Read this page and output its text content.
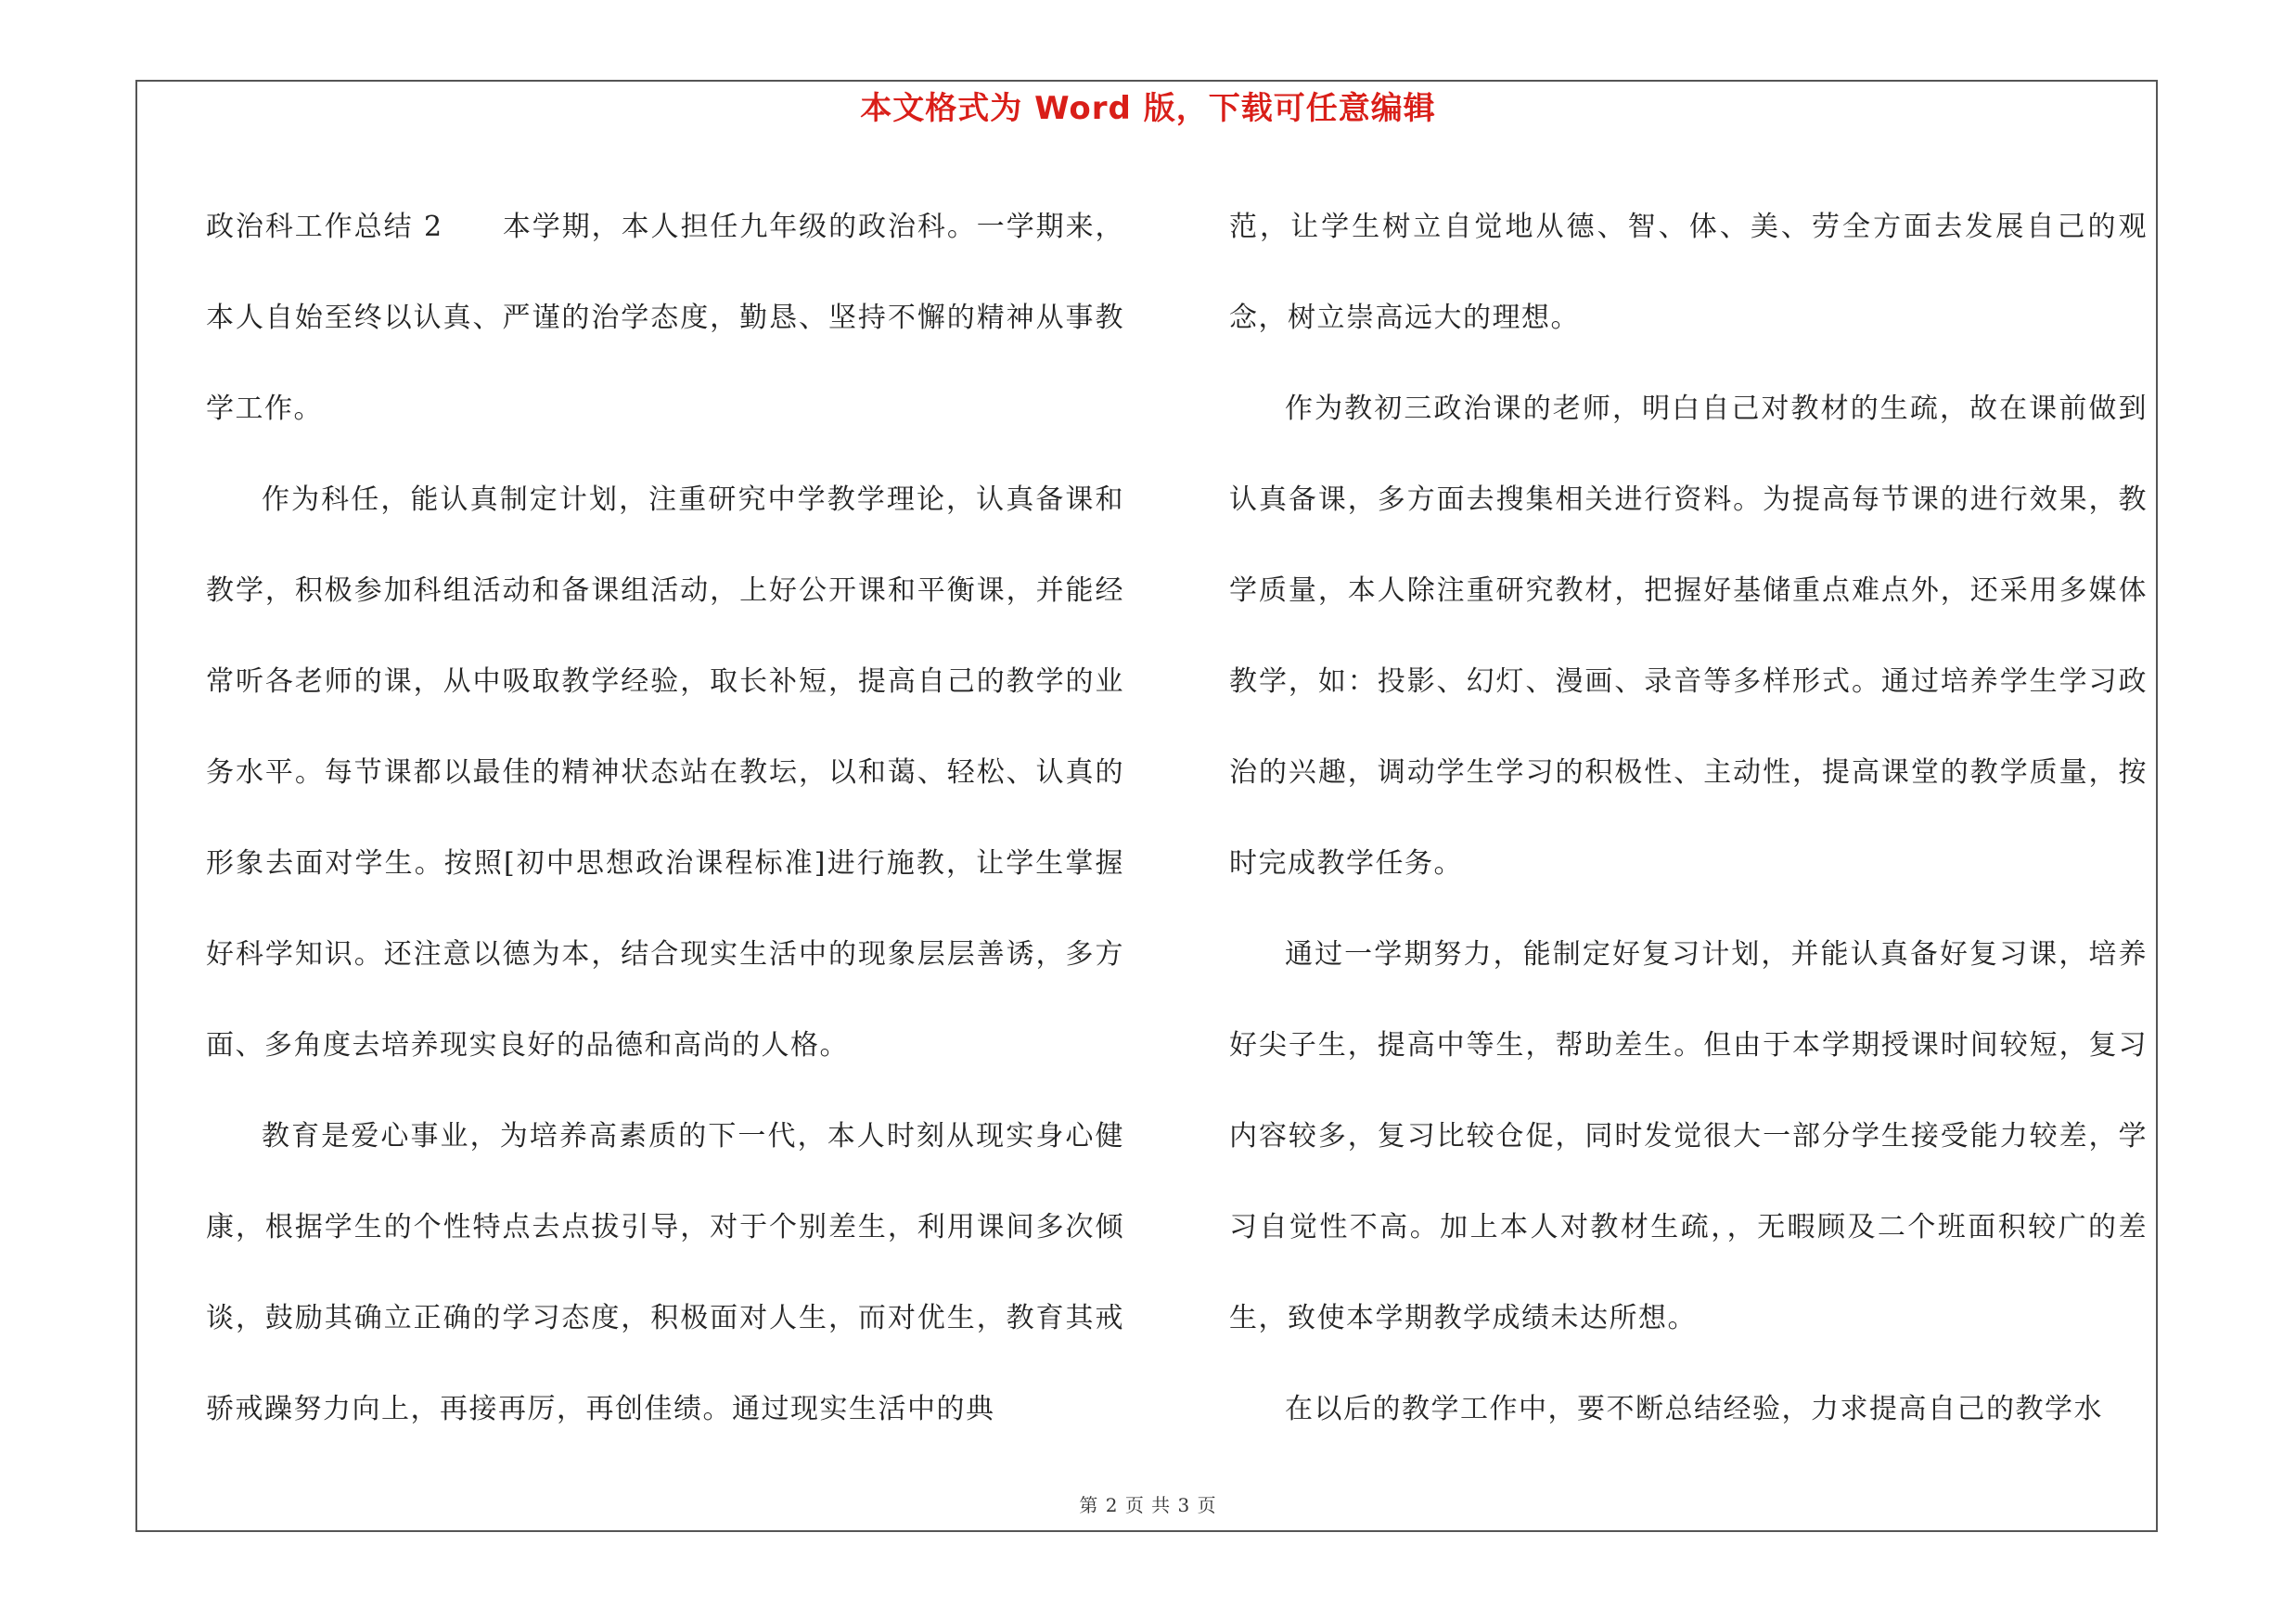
本文格式为 Word 版，下载可任意编辑

政治科工作总结 2　　本学期，本人担任九年级的政治科。一学期来，本人自始至终以认真、严谨的治学态度，勤恳、坚持不懈的精神从事教学工作。

作为科任，能认真制定计划，注重研究中学教学理论，认真备课和教学，积极参加科组活动和备课组活动，上好公开课和平衡课，并能经常听各老师的课，从中吸取教学经验，取长补短，提高自己的教学的业务水平。每节课都以最佳的精神状态站在教坛，以和蔼、轻松、认真的形象去面对学生。按照[初中思想政治课程标准]进行施教，让学生掌握好科学知识。还注意以德为本，结合现实生活中的现象层层善诱，多方面、多角度去培养现实良好的品德和高尚的人格。

教育是爱心事业，为培养高素质的下一代，本人时刻从现实身心健康，根据学生的个性特点去点拔引导，对于个别差生，利用课间多次倾谈，鼓励其确立正确的学习态度，积极面对人生，而对优生，教育其戒骄戒躁努力向上，再接再厉，再创佳绩。通过现实生活中的典

范，让学生树立自觉地从德、智、体、美、劳全方面去发展自己的观念，树立崇高远大的理想。

作为教初三政治课的老师，明白自己对教材的生疏，故在课前做到认真备课，多方面去搜集相关进行资料。为提高每节课的进行效果，教学质量，本人除注重研究教材，把握好基储重点难点外，还采用多媒体教学，如：投影、幻灯、漫画、录音等多样形式。通过培养学生学习政治的兴趣，调动学生学习的积极性、主动性，提高课堂的教学质量，按时完成教学任务。

通过一学期努力，能制定好复习计划，并能认真备好复习课，培养好尖子生，提高中等生，帮助差生。但由于本学期授课时间较短，复习内容较多，复习比较仓促，同时发觉很大一部分学生接受能力较差，学习自觉性不高。加上本人对教材生疏，，无暇顾及二个班面积较广的差生，致使本学期教学成绩未达所想。

在以后的教学工作中，要不断总结经验，力求提高自己的教学水

第 2 页 共 3 页
